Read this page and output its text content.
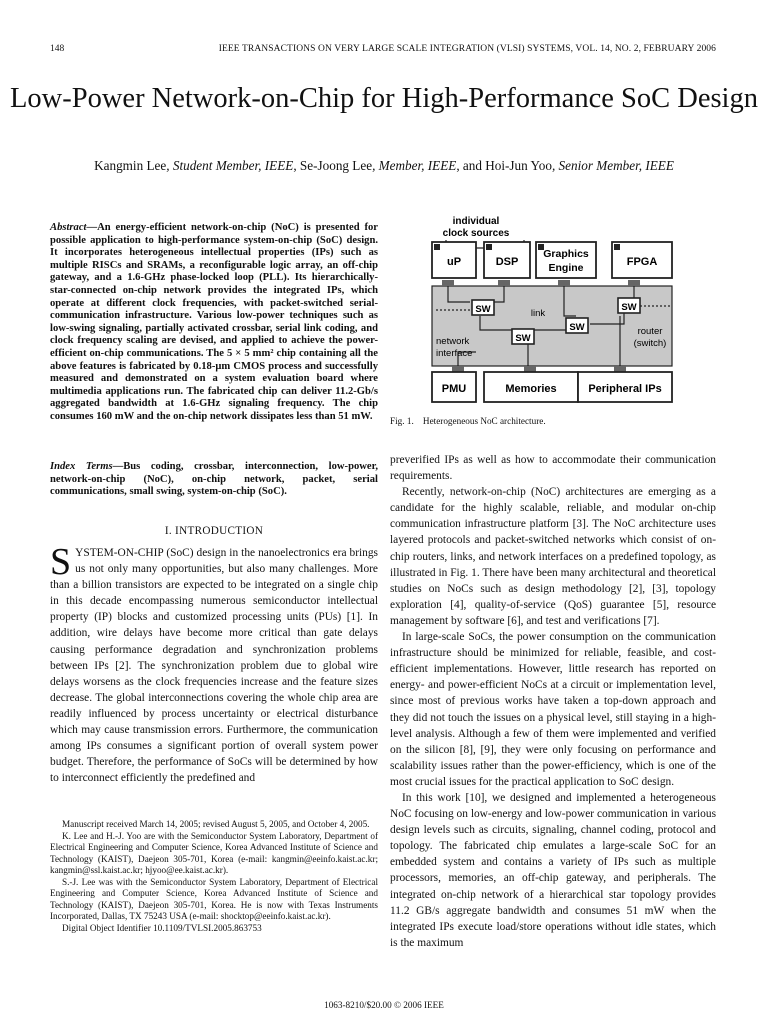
148	IEEE TRANSACTIONS ON VERY LARGE SCALE INTEGRATION (VLSI) SYSTEMS, VOL. 14, NO. 2, FEBRUARY 2006
Low-Power Network-on-Chip for High-Performance SoC Design
Kangmin Lee, Student Member, IEEE, Se-Joong Lee, Member, IEEE, and Hoi-Jun Yoo, Senior Member, IEEE
Abstract—An energy-efficient network-on-chip (NoC) is presented for possible application to high-performance system-on-chip (SoC) design. It incorporates heterogeneous intellectual properties (IPs) such as multiple RISCs and SRAMs, a reconfigurable logic array, an off-chip gateway, and a 1.6-GHz phase-locked loop (PLL). Its hierarchically-star-connected on-chip network provides the integrated IPs, which operate at different clock frequencies, with packet-switched serial-communication infrastructure. Various low-power techniques such as low-swing signaling, partially activated crossbar, serial link coding, and clock frequency scaling are devised, and applied to achieve the power-efficient on-chip communications. The 5 × 5 mm² chip containing all the above features is fabricated by 0.18-μm CMOS process and successfully measured and demonstrated on a system evaluation board where multimedia applications run. The fabricated chip can deliver 11.2-Gb/s aggregated bandwidth at 1.6-GHz signaling frequency. The chip consumes 160 mW and the on-chip network dissipates less than 51 mW.
Index Terms—Bus coding, crossbar, interconnection, low-power, network-on-chip (NoC), on-chip network, packet, serial communications, small swing, system-on-chip (SoC).
I. INTRODUCTION
SYSTEM-ON-CHIP (SoC) design in the nanoelectronics era brings us not only many opportunities, but also many challenges. More than a billion transistors are expected to be integrated on a single chip in this decade encompassing numerous semiconductor intellectual property (IP) blocks and customized processing units (PUs) [1]. In addition, wire delays have become more critical than gate delays causing performance degradation and synchronization problems between IPs [2]. The synchronization problem due to global wire delays worsens as the clock frequencies increase and the feature sizes decrease. The global interconnections covering the whole chip area are readily influenced by process uncertainty or electrical disturbance which may cause transmission errors. Furthermore, the communication among IPs consumes a significant portion of overall system power budget. Therefore, the performance of SoCs will be determined by how to interconnect efficiently the predefined and

Manuscript received March 14, 2005; revised August 5, 2005, and October 4, 2005.

K. Lee and H.-J. Yoo are with the Semiconductor System Laboratory, Department of Electrical Engineering and Computer Science, Korea Advanced Institute of Science and Technology (KAIST), Daejeon 305-701, Korea (e-mail: kangmin@eeinfo.kaist.ac.kr; kangmin@ssl.kaist.ac.kr; hjyoo@ee.kaist.ac.kr).

S.-J. Lee was with the Semiconductor System Laboratory, Department of Electrical Engineering and Computer Science, Korea Advanced Institute of Science and Technology (KAIST), Daejeon 305-701, Korea. He is now with Texas Instruments Incorporated, Dallas, TX 75243 USA (e-mail: shocktop@eeinfo.kaist.ac.kr).

Digital Object Identifier 10.1109/TVLSI.2005.863753

individual
clock sources
uP	DSP
Graphics
Engine	FPGA
SW
SW
SW
SW
link
network
interface
router
(switch)
PMU	Memories	Peripheral IPs
Fig. 1.    Heterogeneous NoC architecture.

preverified IPs as well as how to accommodate their communication requirements.

Recently, network-on-chip (NoC) architectures are emerging as a candidate for the highly scalable, reliable, and modular on-chip communication infrastructure platform [3]. The NoC architecture uses layered protocols and packet-switched networks which consist of on-chip routers, links, and network interfaces on a predefined topology, as illustrated in Fig. 1. There have been many architectural and theoretical studies on NoCs such as design methodology [2], [3], topology exploration [4], quality-of-service (QoS) guarantee [5], resource management by software [6], and test and verifications [7].

In large-scale SoCs, the power consumption on the communication infrastructure should be minimized for reliable, feasible, and cost-efficient implementations. However, little research has reported on energy- and power-efficient NoCs at a circuit or implementation level, since most of previous works have taken a top-down approach and they did not touch the issues on a physical level, still staying in a high-level analysis. Although a few of them were implemented and verified on the silicon [8], [9], they were only focusing on performance and scalability issues rather than the power-efficiency, which is one of the most crucial issues for the practical application to SoC design.

In this work [10], we designed and implemented a heterogeneous NoC focusing on low-energy and low-power communication in various design levels such as circuits, signaling, channel coding, protocol and topology. The fabricated chip emulates a large-scale SoC for an embedded system and contains a variety of IPs such as multiple processors, memories, an off-chip gateway, and peripherals. The integrated on-chip network of a hierarchical star topology provides 11.2 GB/s aggregate bandwidth and consumes 51 mW when the integrated IPs execute load/store operations without idle states, which is the maximum

1063-8210/$20.00 © 2006 IEEE
